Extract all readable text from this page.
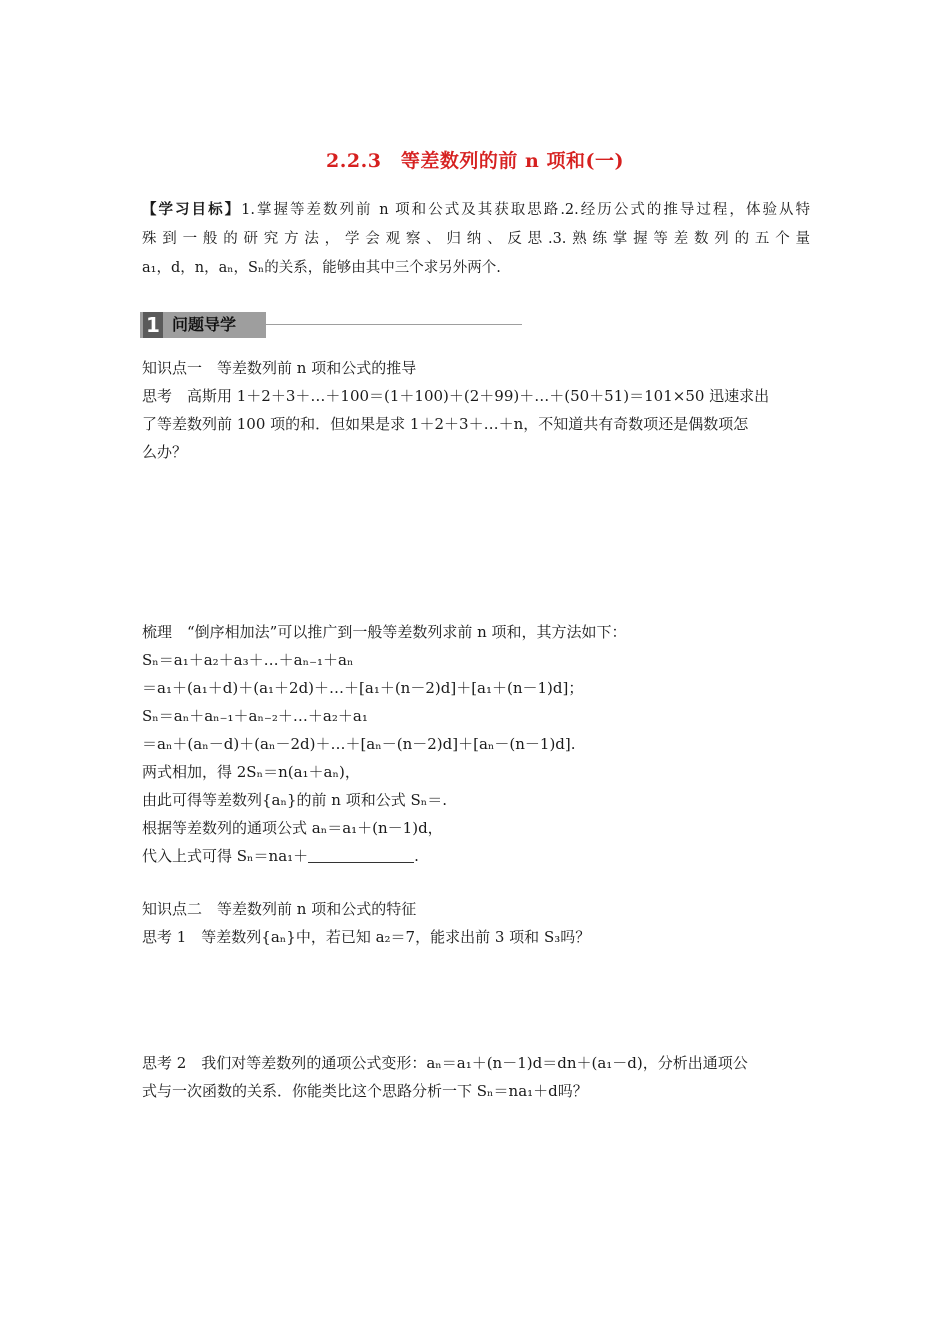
2.2.3　等差数列的前 n 项和(一)
【学习目标】1.掌握等差数列前 n 项和公式及其获取思路.2.经历公式的推导过程，体验从特
殊到一般的研究方法，学会观察、归纳、反思.3.熟练掌握等差数列的五个量
a₁，d，n，aₙ，Sₙ的关系，能够由其中三个求另外两个.
1 问题导学
知识点一　等差数列前 n 项和公式的推导
思考　高斯用 1＋2＋3＋…＋100＝(1＋100)＋(2＋99)＋…＋(50＋51)＝101×50 迅速求出
了等差数列前 100 项的和．但如果是求 1＋2＋3＋…＋n，不知道共有奇数项还是偶数项怎
么办？
梳理　“倒序相加法”可以推广到一般等差数列求前 n 项和，其方法如下：
Sₙ＝a₁＋a₂＋a₃＋…＋aₙ₋₁＋aₙ
＝a₁＋(a₁＋d)＋(a₁＋2d)＋…＋[a₁＋(n－2)d]＋[a₁＋(n－1)d]；
Sₙ＝aₙ＋aₙ₋₁＋aₙ₋₂＋…＋a₂＋a₁
＝aₙ＋(aₙ－d)＋(aₙ－2d)＋…＋[aₙ－(n－2)d]＋[aₙ－(n－1)d].
两式相加，得 2Sₙ＝n(a₁＋aₙ)，
由此可得等差数列{aₙ}的前 n 项和公式 Sₙ＝.
根据等差数列的通项公式 aₙ＝a₁＋(n－1)d，
代入上式可得 Sₙ＝na₁＋	.
知识点二　等差数列前 n 项和公式的特征
思考 1　等差数列{aₙ}中，若已知 a₂＝7，能求出前 3 项和 S₃吗？
思考 2　我们对等差数列的通项公式变形：aₙ＝a₁＋(n－1)d＝dn＋(a₁－d)，分析出通项公
式与一次函数的关系．你能类比这个思路分析一下 Sₙ＝na₁＋d吗？
